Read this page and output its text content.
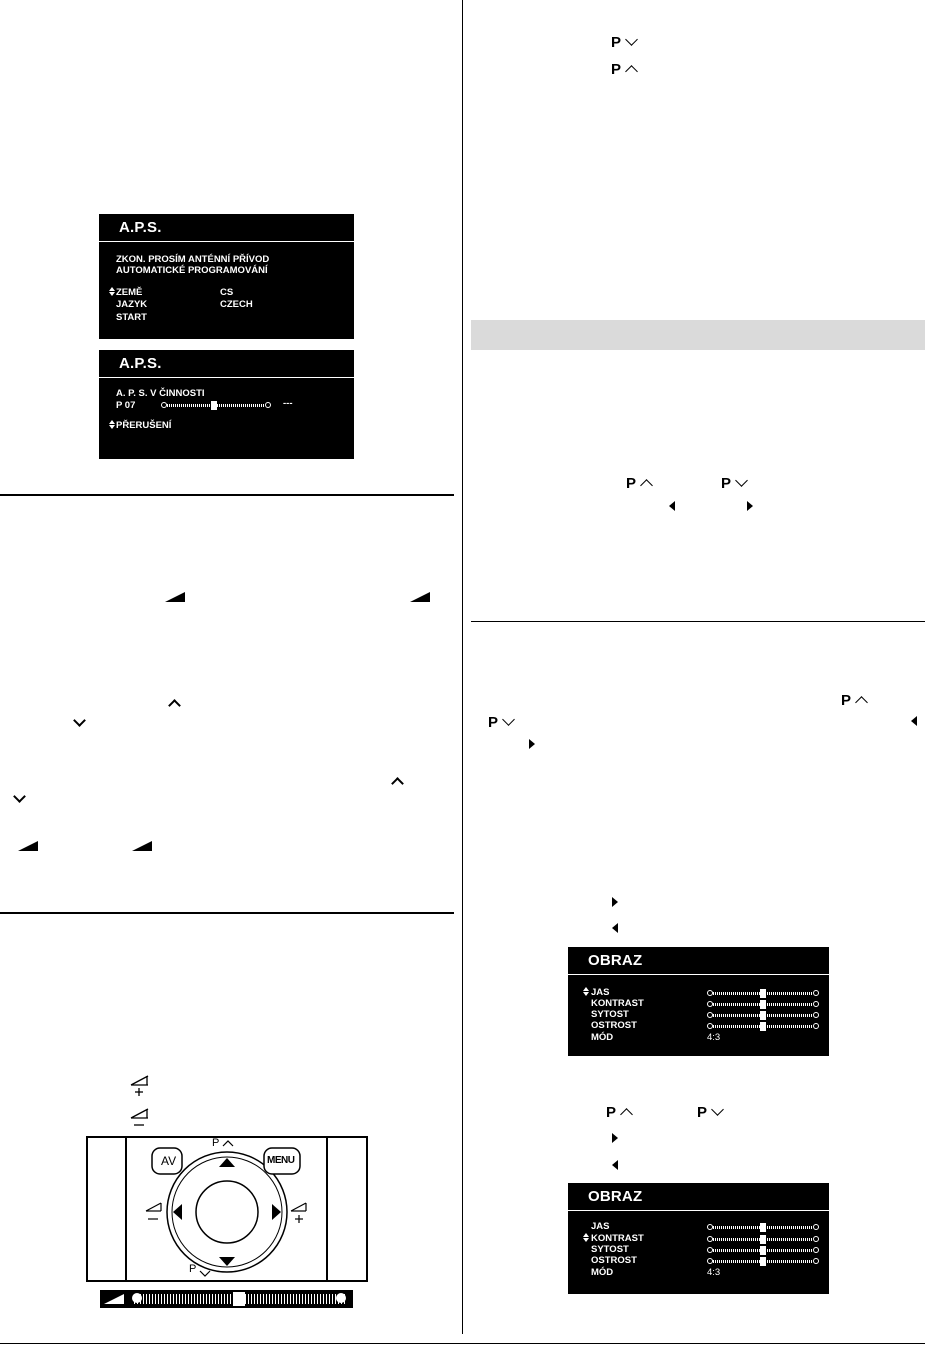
A.P.S.
ZKON. PROSÍM ANTÉNNÍ PŘÍVOD
AUTOMATICKÉ PROGRAMOVÁNÍ
ZEMĚ	CS
JAZYK	CZECH
START
A.P.S.
A. P. S. V ČINNOSTI
P 07	---
PŘERUŠENÍ
AV	MENU
P
P
P
P
P	P
P
P
OBRAZ
JAS
KONTRAST
SYTOST
OSTROST
MÓD	4:3
P	P
OBRAZ
JAS
KONTRAST
SYTOST
OSTROST
MÓD	4:3
